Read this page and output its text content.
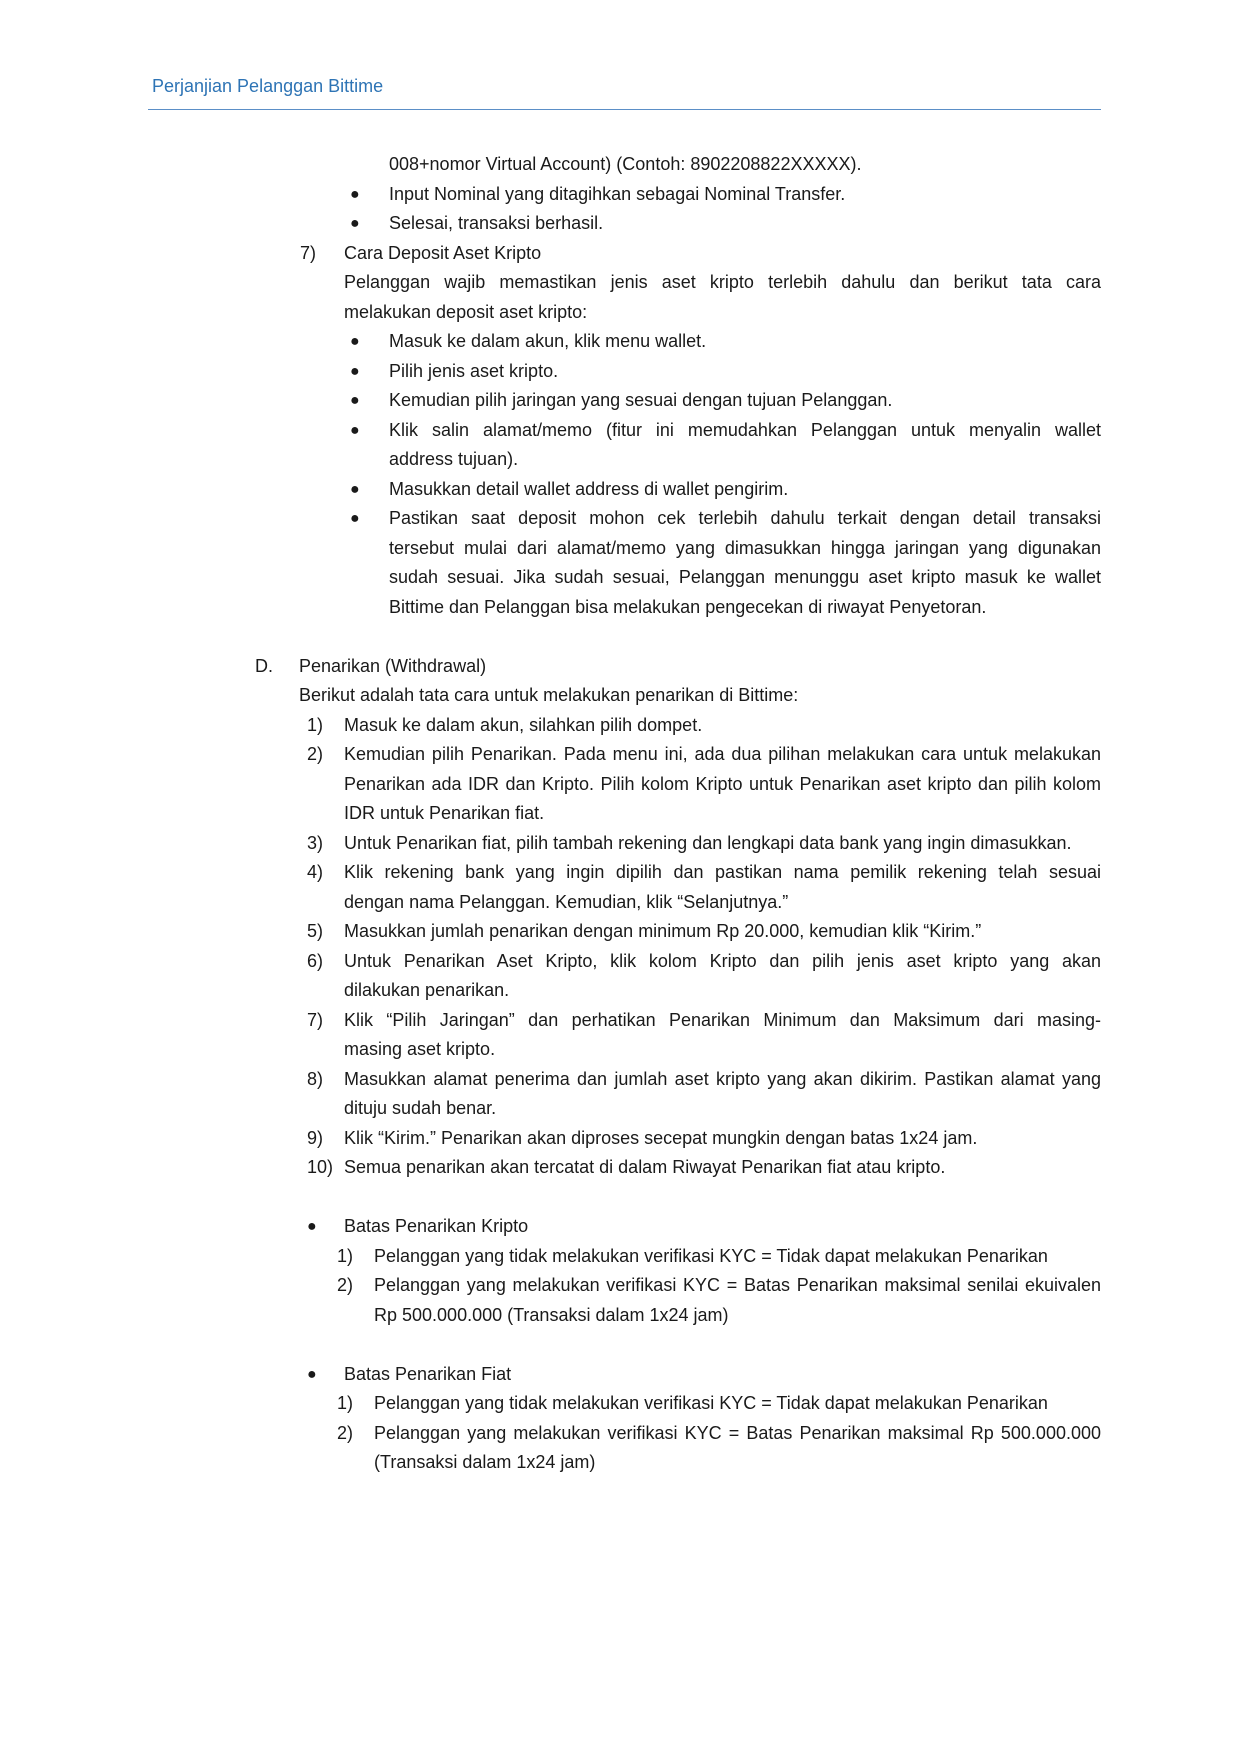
Perjanjian Pelanggan Bittime
008+nomor Virtual Account) (Contoh: 8902208822XXXXX).
● Input Nominal yang ditagihkan sebagai Nominal Transfer.
● Selesai, transaksi berhasil.
7) Cara Deposit Aset Kripto
Pelanggan wajib memastikan jenis aset kripto terlebih dahulu dan berikut tata cara
melakukan deposit aset kripto:
● Masuk ke dalam akun, klik menu wallet.
● Pilih jenis aset kripto.
● Kemudian pilih jaringan yang sesuai dengan tujuan Pelanggan.
● Klik salin alamat/memo (fitur ini memudahkan Pelanggan untuk menyalin wallet
address tujuan).
● Masukkan detail wallet address di wallet pengirim.
● Pastikan saat deposit mohon cek terlebih dahulu terkait dengan detail transaksi
tersebut mulai dari alamat/memo yang dimasukkan hingga jaringan yang digunakan
sudah sesuai. Jika sudah sesuai, Pelanggan menunggu aset kripto masuk ke wallet
Bittime dan Pelanggan bisa melakukan pengecekan di riwayat Penyetoran.
D. Penarikan (Withdrawal)
Berikut adalah tata cara untuk melakukan penarikan di Bittime:
1) Masuk ke dalam akun, silahkan pilih dompet.
2) Kemudian pilih Penarikan. Pada menu ini, ada dua pilihan melakukan cara untuk melakukan
Penarikan ada IDR dan Kripto. Pilih kolom Kripto untuk Penarikan aset kripto dan pilih kolom
IDR untuk Penarikan fiat.
3) Untuk Penarikan fiat, pilih tambah rekening dan lengkapi data bank yang ingin dimasukkan.
4) Klik rekening bank yang ingin dipilih dan pastikan nama pemilik rekening telah sesuai
dengan nama Pelanggan. Kemudian, klik “Selanjutnya.”
5) Masukkan jumlah penarikan dengan minimum Rp 20.000, kemudian klik “Kirim.”
6) Untuk Penarikan Aset Kripto, klik kolom Kripto dan pilih jenis aset kripto yang akan
dilakukan penarikan.
7) Klik “Pilih Jaringan” dan perhatikan Penarikan Minimum dan Maksimum dari masing-
masing aset kripto.
8) Masukkan alamat penerima dan jumlah aset kripto yang akan dikirim. Pastikan alamat yang
dituju sudah benar.
9) Klik “Kirim.” Penarikan akan diproses secepat mungkin dengan batas 1x24 jam.
10) Semua penarikan akan tercatat di dalam Riwayat Penarikan fiat atau kripto.
● Batas Penarikan Kripto
1) Pelanggan yang tidak melakukan verifikasi KYC = Tidak dapat melakukan Penarikan
2) Pelanggan yang melakukan verifikasi KYC = Batas Penarikan maksimal senilai ekuivalen
Rp 500.000.000 (Transaksi dalam 1x24 jam)
● Batas Penarikan Fiat
1) Pelanggan yang tidak melakukan verifikasi KYC = Tidak dapat melakukan Penarikan
2) Pelanggan yang melakukan verifikasi KYC = Batas Penarikan maksimal Rp 500.000.000
(Transaksi dalam 1x24 jam)
